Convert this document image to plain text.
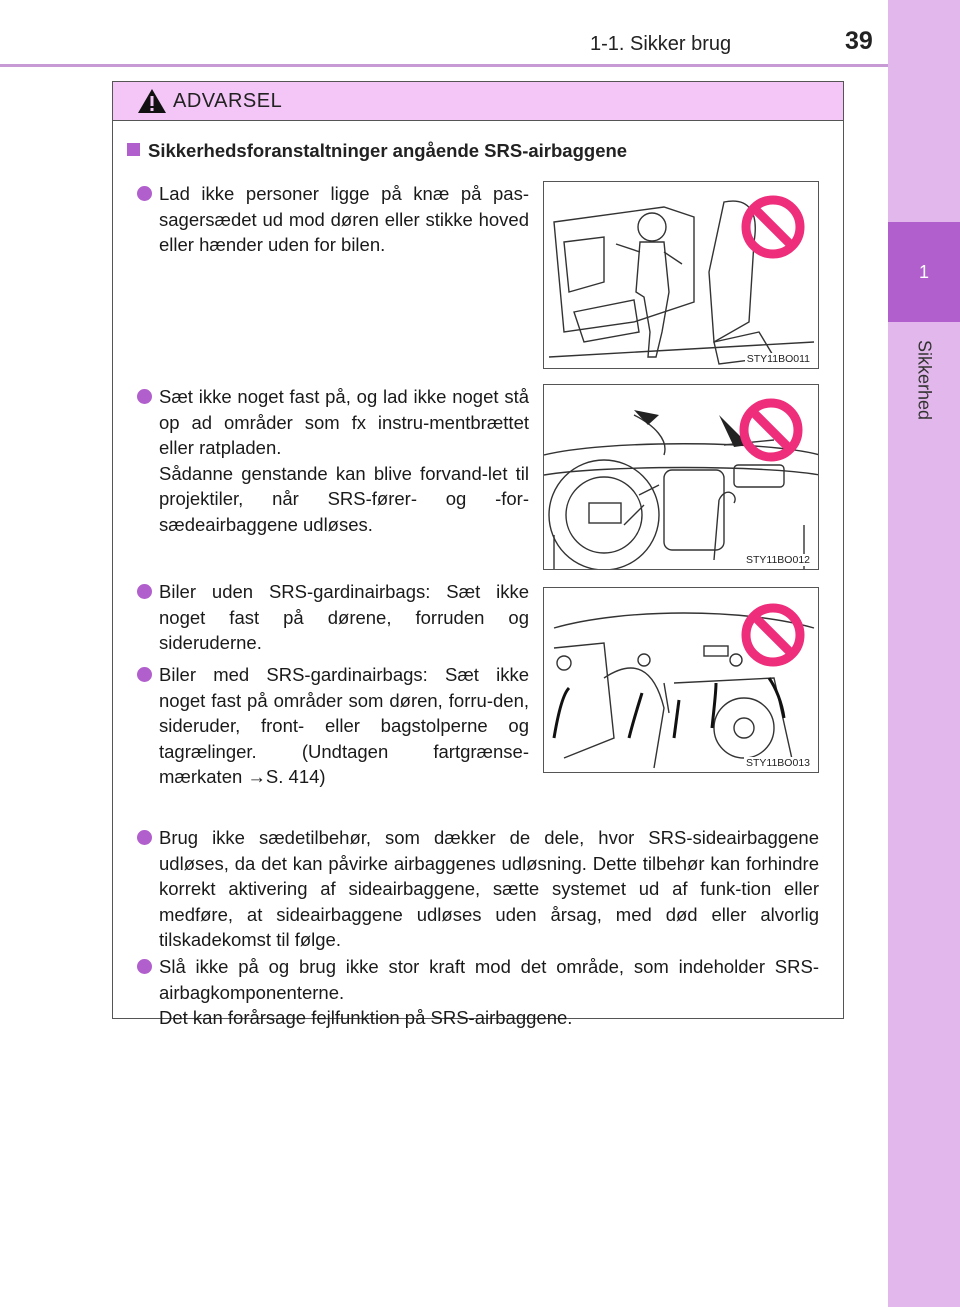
1
Sikkerhed
1-1. Sikker brug	39
ADVARSEL
Sikkerhedsforanstaltninger angående SRS-airbaggene

Lad ikke personer ligge på knæ på pas-sagersædet ud mod døren eller stikke hoved eller hænder uden for bilen.

Sæt ikke noget fast på, og lad ikke noget stå op ad områder som fx instru-mentbrættet eller ratpladen.

Sådanne genstande kan blive forvand-let til projektiler, når SRS-fører- og -for-sædeairbaggene udløses.

Biler uden SRS-gardinairbags: Sæt ikke noget fast på dørene, forruden og sideruderne.

Biler med SRS-gardinairbags: Sæt ikke noget fast på områder som døren, forru-den, sideruder, front- eller bagstolperne og tagrælinger. (Undtagen fartgrænse-mærkaten →S. 414)

Brug ikke sædetilbehør, som dækker de dele, hvor SRS-sideairbaggene udløses, da det kan påvirke airbaggenes udløsning. Dette tilbehør kan forhindre korrekt aktivering af sideairbaggene, sætte systemet ud af funk-tion eller medføre, at sideairbaggene udløses uden årsag, med død eller alvorlig tilskadekomst til følge.

Slå ikke på og brug ikke stor kraft mod det område, som indeholder SRS-airbagkomponenterne.

Det kan forårsage fejlfunktion på SRS-airbaggene.

STY11BO011
STY11BO012
STY11BO013
